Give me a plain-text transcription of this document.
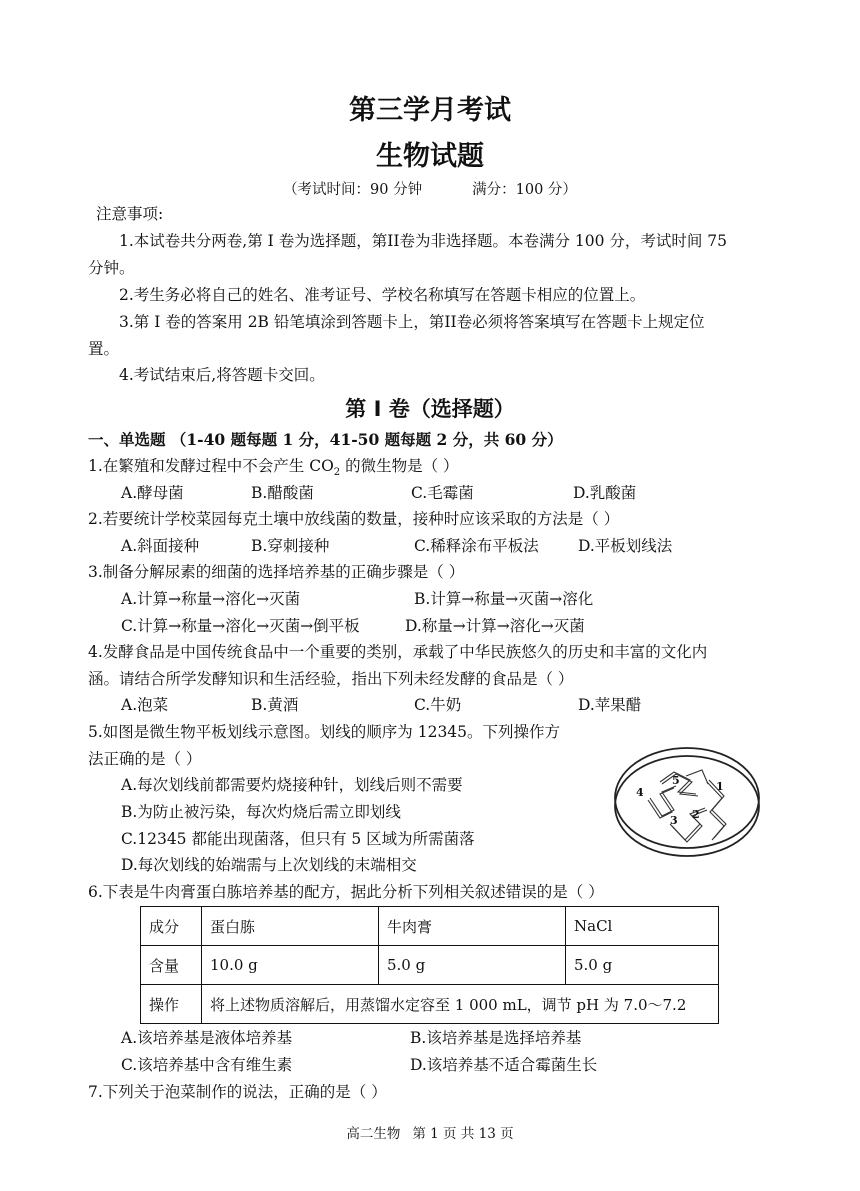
第三学月考试
生物试题
（考试时间：90 分钟	满分：100 分）
注意事项:
1.本试卷共分两卷,第 I 卷为选择题，第II卷为非选择题。本卷满分 100 分，考试时间 75
分钟。
2.考生务必将自己的姓名、准考证号、学校名称填写在答题卡相应的位置上。
3.第 I 卷的答案用 2B 铅笔填涂到答题卡上，第II卷必须将答案填写在答题卡上规定位
置。
4.考试结束后,将答题卡交回。
第 I 卷（选择题）
一、单选题 （1-40 题每题 1 分，41-50 题每题 2 分，共 60 分）
1.在繁殖和发酵过程中不会产生 $CO_2$ 的微生物是（ ）
A.酵母菌	B.醋酸菌	C.毛霉菌	D.乳酸菌
2.若要统计学校菜园每克土壤中放线菌的数量，接种时应该采取的方法是（ ）
A.斜面接种	B.穿刺接种	C.稀释涂布平板法	D.平板划线法
3.制备分解尿素的细菌的选择培养基的正确步骤是（ ）
A.计算→称量→溶化→灭菌	B.计算→称量→灭菌→溶化
C.计算→称量→溶化→灭菌→倒平板	D.称量→计算→溶化→灭菌
4.发酵食品是中国传统食品中一个重要的类别，承载了中华民族悠久的历史和丰富的文化内
涵。请结合所学发酵知识和生活经验，指出下列未经发酵的食品是（ ）
A.泡菜	B.黄酒	C.牛奶	D.苹果醋
5.如图是微生物平板划线示意图。划线的顺序为 12345。下列操作方
法正确的是（ ）
A.每次划线前都需要灼烧接种针，划线后则不需要
B.为防止被污染，每次灼烧后需立即划线
C.12345 都能出现菌落，但只有 5 区域为所需菌落
D.每次划线的始端需与上次划线的末端相交
1
2
3
4
5
6.下表是牛肉膏蛋白胨培养基的配方，据此分析下列相关叙述错误的是（ ）
成分	蛋白胨	牛肉膏	NaCl
含量	10.0 g	5.0 g	5.0 g
操作	将上述物质溶解后，用蒸馏水定容至 1 000 mL，调节 pH 为 7.0～7.2		
A.该培养基是液体培养基	B.该培养基是选择培养基
C.该培养基中含有维生素	D.该培养基不适合霉菌生长
7.下列关于泡菜制作的说法，正确的是（ ）
高二生物 第 1 页 共 13 页
